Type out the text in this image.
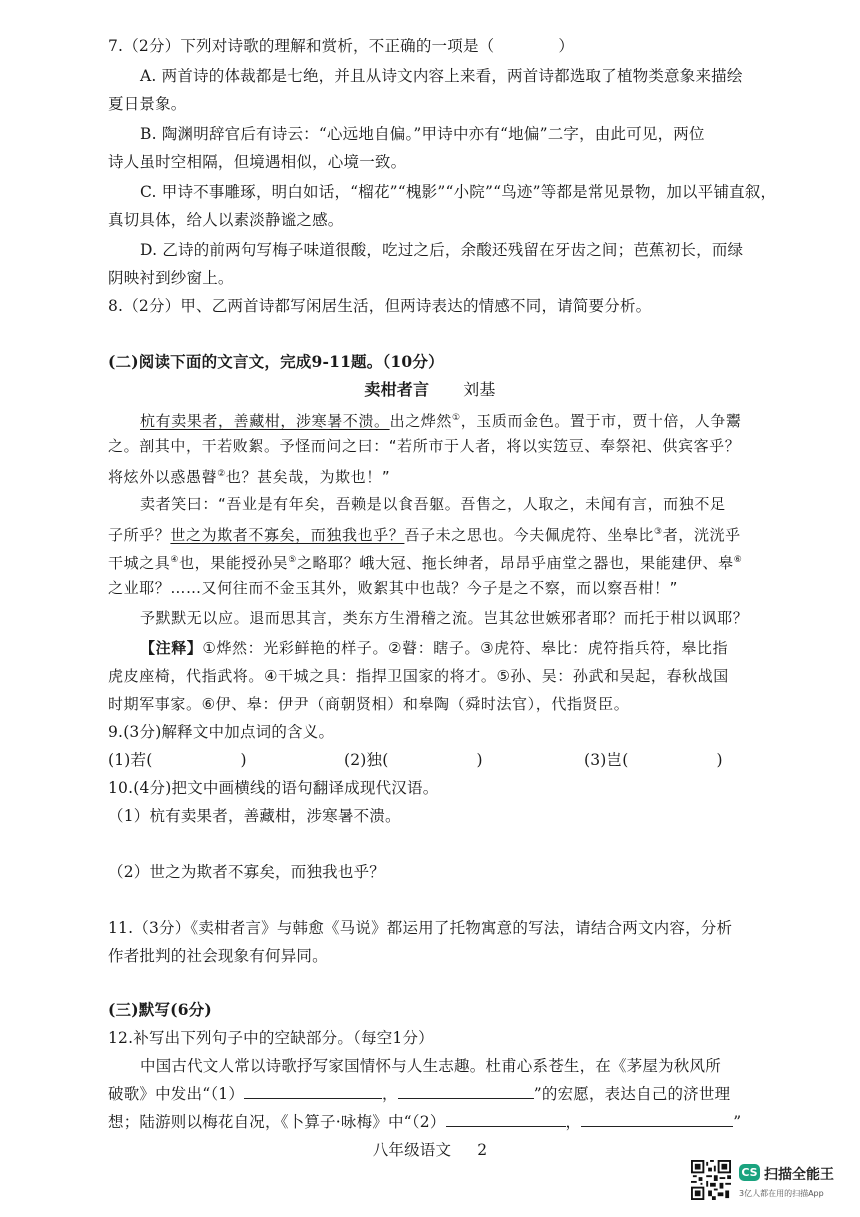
7.（2分）下列对诗歌的理解和赏析，不正确的一项是（	）
A. 两首诗的体裁都是七绝，并且从诗文内容上来看，两首诗都选取了植物类意象来描绘
夏日景象。
B. 陶渊明辞官后有诗云：“心远地自偏。”甲诗中亦有“地偏”二字，由此可见，两位
诗人虽时空相隔，但境遇相似，心境一致。
C. 甲诗不事雕琢，明白如话，“榴花”“槐影”“小院”“鸟迹”等都是常见景物，加以平铺直叙，
真切具体，给人以素淡静谧之感。
D. 乙诗的前两句写梅子味道很酸，吃过之后，余酸还残留在牙齿之间；芭蕉初长，而绿
阴映衬到纱窗上。
8.（2分）甲、乙两首诗都写闲居生活，但两诗表达的情感不同，请简要分析。
(二)阅读下面的文言文，完成9-11题。（10分）
卖柑者言 刘基
杭有卖果者，善藏柑，涉寒暑不溃。出之烨然①，玉质而金色。置于市，贾十倍，人争鬻
之。剖其中，干若败絮。予怪而问之曰：“若所市于人者，将以实笾豆、奉祭祀、供宾客乎？
将炫外以惑愚瞽②也？甚矣哉，为欺也！”
卖者笑曰：“吾业是有年矣，吾赖是以食吾躯。吾售之，人取之，未闻有言，而独不足
子所乎？世之为欺者不寡矣，而独我也乎？吾子未之思也。今夫佩虎符、坐皋比③者，洸洸乎
干城之具④也，果能授孙吴⑤之略耶？峨大冠、拖长绅者，昂昂乎庙堂之器也，果能建伊、皋⑥
之业耶？……又何往而不金玉其外，败絮其中也哉？今子是之不察，而以察吾柑！”
予默默无以应。退而思其言，类东方生滑稽之流。岂其忿世嫉邪者耶？而托于柑以讽耶？
【注释】①烨然：光彩鲜艳的样子。②瞽：瞎子。③虎符、皋比：虎符指兵符，皋比指
虎皮座椅，代指武将。④干城之具：指捍卫国家的将才。⑤孙、吴：孙武和吴起，春秋战国
时期军事家。⑥伊、皋：伊尹（商朝贤相）和皋陶（舜时法官），代指贤臣。
9.(3分)解释文中加点词的含义。
(1)若(	)	(2)独(	)	(3)岂(	)
10.(4分)把文中画横线的语句翻译成现代汉语。
（1）杭有卖果者，善藏柑，涉寒暑不溃。
（2）世之为欺者不寡矣，而独我也乎？
11.（3分）《卖柑者言》与韩愈《马说》都运用了托物寓意的写法，请结合两文内容，分析
作者批判的社会现象有何异同。
(三)默写(6分)
12.补写出下列句子中的空缺部分。（每空1分）
中国古代文人常以诗歌抒写家国情怀与人生志趣。杜甫心系苍生，在《茅屋为秋风所
八年级语文 2
CS 扫描全能王
3亿人都在用的扫描App
破歌》中发出“（1）	，	”的宏愿，表达自己的济世理
想；陆游则以梅花自况，《卜算子·咏梅》中“（2）	，	”
